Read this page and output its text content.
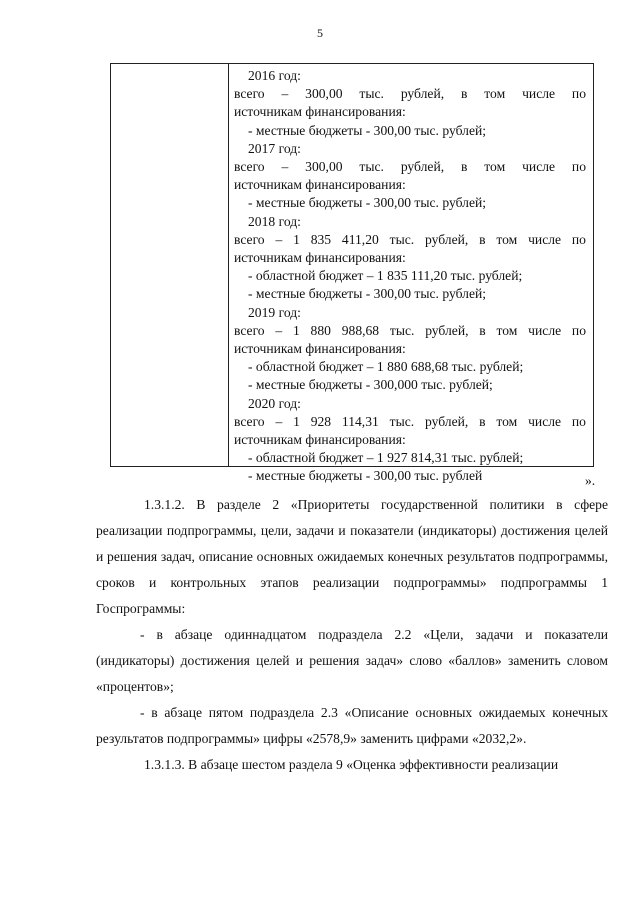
5
2016 год:
всего – 300,00 тыс. рублей, в том числе по
источникам финансирования:
- местные бюджеты - 300,00 тыс. рублей;
2017 год:
всего – 300,00 тыс. рублей, в том числе по
источникам финансирования:
- местные бюджеты - 300,00 тыс. рублей;
2018 год:
всего – 1 835 411,20 тыс. рублей, в том числе по
источникам финансирования:
- областной бюджет – 1 835 111,20 тыс. рублей;
- местные бюджеты - 300,00 тыс. рублей;
2019 год:
всего – 1 880 988,68 тыс. рублей, в том числе по
источникам финансирования:
- областной бюджет – 1 880 688,68 тыс. рублей;
- местные бюджеты - 300,000 тыс. рублей;
2020 год:
всего – 1 928 114,31 тыс. рублей, в том числе по
источникам финансирования:
- областной бюджет – 1 927 814,31 тыс. рублей;
- местные бюджеты - 300,00 тыс. рублей	».

1.3.1.2. В разделе 2 «Приоритеты государственной политики в сфере реализации подпрограммы, цели, задачи и показатели (индикаторы) достижения целей и решения задач, описание основных ожидаемых конечных результатов подпрограммы, сроков и контрольных этапов реализации подпрограммы» подпрограммы 1 Госпрограммы:

- в абзаце одиннадцатом подраздела 2.2 «Цели, задачи и показатели (индикаторы) достижения целей и решения задач» слово «баллов» заменить словом «процентов»;

- в абзаце пятом подраздела 2.3 «Описание основных ожидаемых конечных результатов подпрограммы» цифры «2578,9» заменить цифрами «2032,2».

1.3.1.3. В абзаце шестом раздела 9 «Оценка эффективности реализации
